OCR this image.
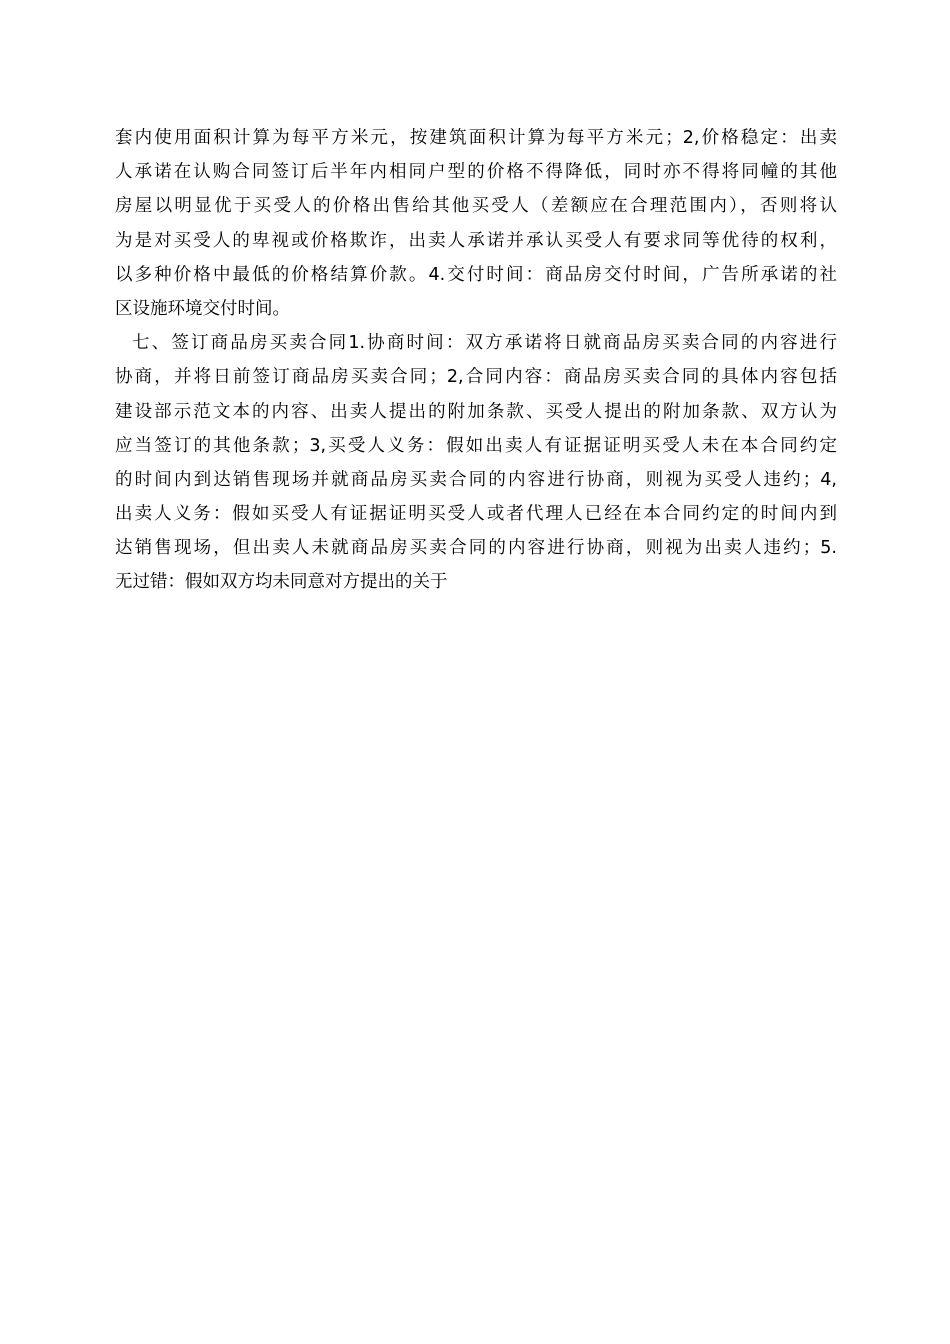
套内使用面积计算为每平方米元，按建筑面积计算为每平方米元；2,价格稳定：出卖
人承诺在认购合同签订后半年内相同户型的价格不得降低，同时亦不得将同幢的其他
房屋以明显优于买受人的价格出售给其他买受人（差额应在合理范围内），否则将认
为是对买受人的卑视或价格欺诈，出卖人承诺并承认买受人有要求同等优待的权利，
以多种价格中最低的价格结算价款。4.交付时间：商品房交付时间，广告所承诺的社
区设施环境交付时间。
七、签订商品房买卖合同1.协商时间：双方承诺将日就商品房买卖合同的内容进行
协商，并将日前签订商品房买卖合同；2,合同内容：商品房买卖合同的具体内容包括
建设部示范文本的内容、出卖人提出的附加条款、买受人提出的附加条款、双方认为
应当签订的其他条款；3,买受人义务：假如出卖人有证据证明买受人未在本合同约定
的时间内到达销售现场并就商品房买卖合同的内容进行协商，则视为买受人违约；4,
出卖人义务：假如买受人有证据证明买受人或者代理人已经在本合同约定的时间内到
达销售现场，但出卖人未就商品房买卖合同的内容进行协商，则视为出卖人违约；5.
无过错：假如双方均未同意对方提出的关于
